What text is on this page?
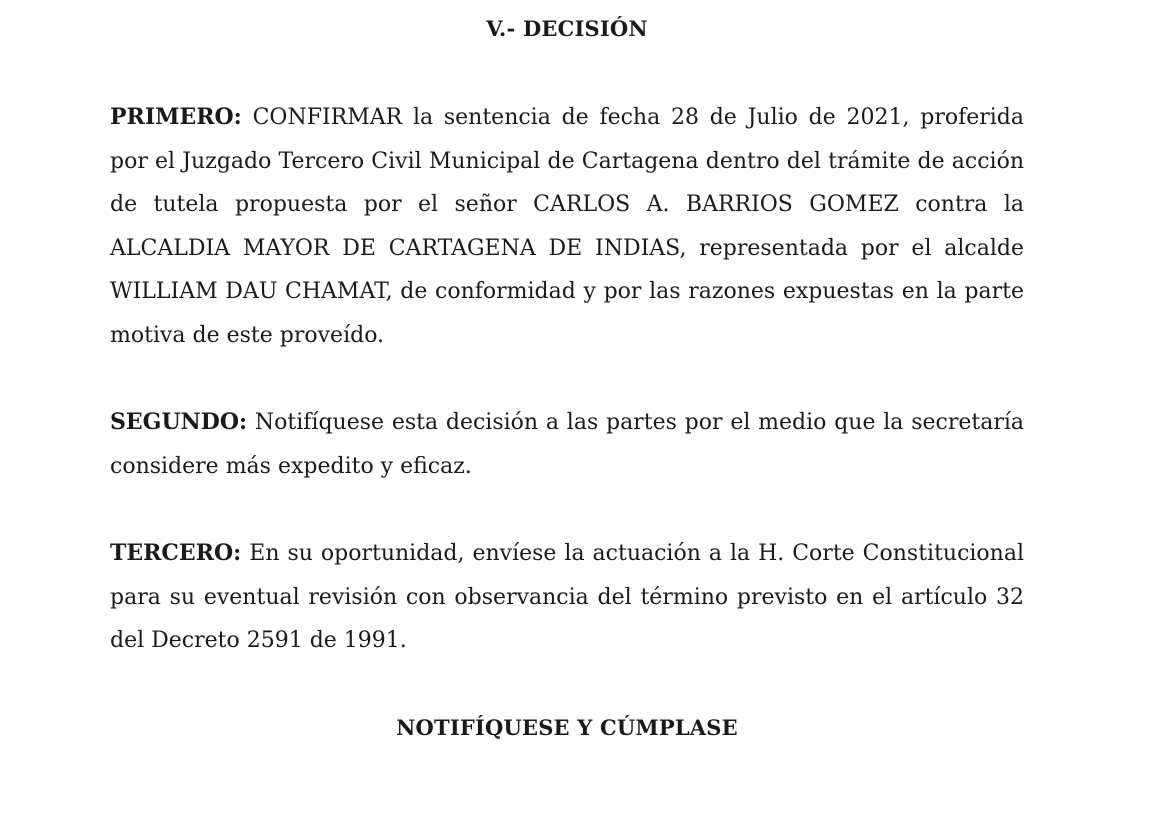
V.- DECISIÓN

PRIMERO: CONFIRMAR la sentencia de fecha 28 de Julio de 2021, proferida por el Juzgado Tercero Civil Municipal de Cartagena dentro del trámite de acción de tutela propuesta por el señor CARLOS A. BARRIOS GOMEZ contra la ALCALDIA MAYOR DE CARTAGENA DE INDIAS, representada por el alcalde WILLIAM DAU CHAMAT, de conformidad y por las razones expuestas en la parte motiva de este proveído.

SEGUNDO: Notifíquese esta decisión a las partes por el medio que la secretaría considere más expedito y eficaz.

TERCERO: En su oportunidad, envíese la actuación a la H. Corte Constitucional para su eventual revisión con observancia del término previsto en el artículo 32 del Decreto 2591 de 1991.

NOTIFÍQUESE Y CÚMPLASE
